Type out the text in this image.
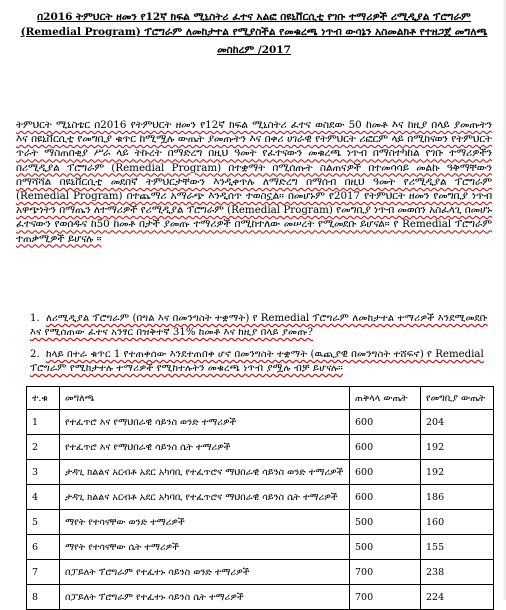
በ2016 ትምህርት ዘመን የ12ኛ ክፍል ሚኒስትሪ ፈተና አልፎ በዩኒቨርሲቲ የገቡ ተማሪዎች ሪሚዲያል ፕሮግራም (Remedial Program) ፕሮግራም ለመከታተል የሚያስችል የመቁረጫ ነጥብ ውሳኔን አስመልክቶ የተዘጋጀ መግለጫ
መስከረም /2017
ትምህርት ሚኒስቴር በ2016 የትምህርት ዘመን የ12ኛ ክፍል ሚኒስትሪ ፈተና ወስደው 50 ከመቶ እና ከዚያ በላይ ያመጡትን እና በዩኒቨርሲቲ የመግቢያ ቁጥር ከሚሟሉ ውጤት ያመጡትን እና በቀሪ ሀገራዊ የትምህርት ሪፎርም ላይ በሚከናወን የትምህርት ጥራት ማስጠበቂያ ሥራ ላይ ትኩረት በማድረግ በዚህ ዓመት የፈተናውን መቁረጫ ነጥብ በማስተካከል የገቡ ተማሪዎችን በሪሚዲያል ፕሮግራም (Remedial Program) በተቋማት በሚሰጡት ስልጠናዎች በተመሳሳይ መልኩ ዓቅማቸውን በማሻሻል በዩኒቨርሲቲ መደበኛ ትምህርታቸውን እንዲቀጥሉ ለማድረግ በማሰብ በዚህ ዓመት የሪሚዲያል ፕሮግራም (Remedial Program) በተጨማሪ አማራጭ እንዲሰጥ ተወስኗል። በመሆኑም የ2017 የትምህርት ዘመን የመግቢያ ነጥብ አዋጭነትን በማጤን ለተማሪዎች የሪሚዲያል ፕሮግራም (Remedial Program) የመግቢያ ነጥብ መወሰን አስፈላጊ በመሆኑ ፈተናውን የወሰዱና ከ50 ከመቶ በታች ያመጡ ተማሪዎች በሚከተለው መሠረት የሚመደቡ ይሆናል። የ Remedial ፕሮግራም ተጠቃሚዎች ይሆናሉ ።
1. ለሪሚዲያል ፕሮግራም (በግል እና በመንግስት ተቋማት) የ Remedial ፕሮግራም ለመከታተል ተማሪዎች እንደሚመደቡ እና የሚሰጠው ፈተና አንፃር በዝቅተኛ 31% ከመቶ እና ከዚያ በላይ ያመጡ?
2. ከላይ በተራ ቁጥር 1 የተጠቀሰው እንደተጠበቀ ሆኖ በመንግስት ተቋማት (ዉጪያዊ በመንግስት ተሸፍኖ) የ Remedial ፕሮግራም የሚከታተሉ ተማሪዎች የሚከተሉትን መቁረጫ ነጥብ ያሟሉ ብቻ ይሆናሉ።
ተ.ቁ	መግለጫ	ጠቅላላ ውጤት	የመግቢያ ውጤት
1	የተፈጥሮ እና የማህበራዊ ሳይንስ ወንድ ተማሪዎች	600	204
2	የተፈጥሮ እና የማህበራዊ ሳይንስ ሴት ተማሪዎች	600	192
3	ታዳጊ ክልልና አርብቶ አደር አካባቢ የተፈጥሮና ማህበራዊ ሳይንስ ወንድ ተማሪዎች	600	192
4	ታዳጊ ክልልና አርብቶ አደር አካባቢ የተፈጥሮና ማህበራዊ ሳይንስ ሴት ተማሪዎች	600	186
5	ማየት የተሳናቸው ወንድ ተማሪዎች	500	160
6	ማየት የተሳናቸው ሴት ተማሪዎች	500	155
7	በፓይለት ፕሮግራም የተፈተኑ ሳይንስ ወንድ ተማሪዎች	700	238
8	በፓይለት ፕሮግራም የተፈተኑ ሳይንስ ሴት ተማሪዎች	700	224
